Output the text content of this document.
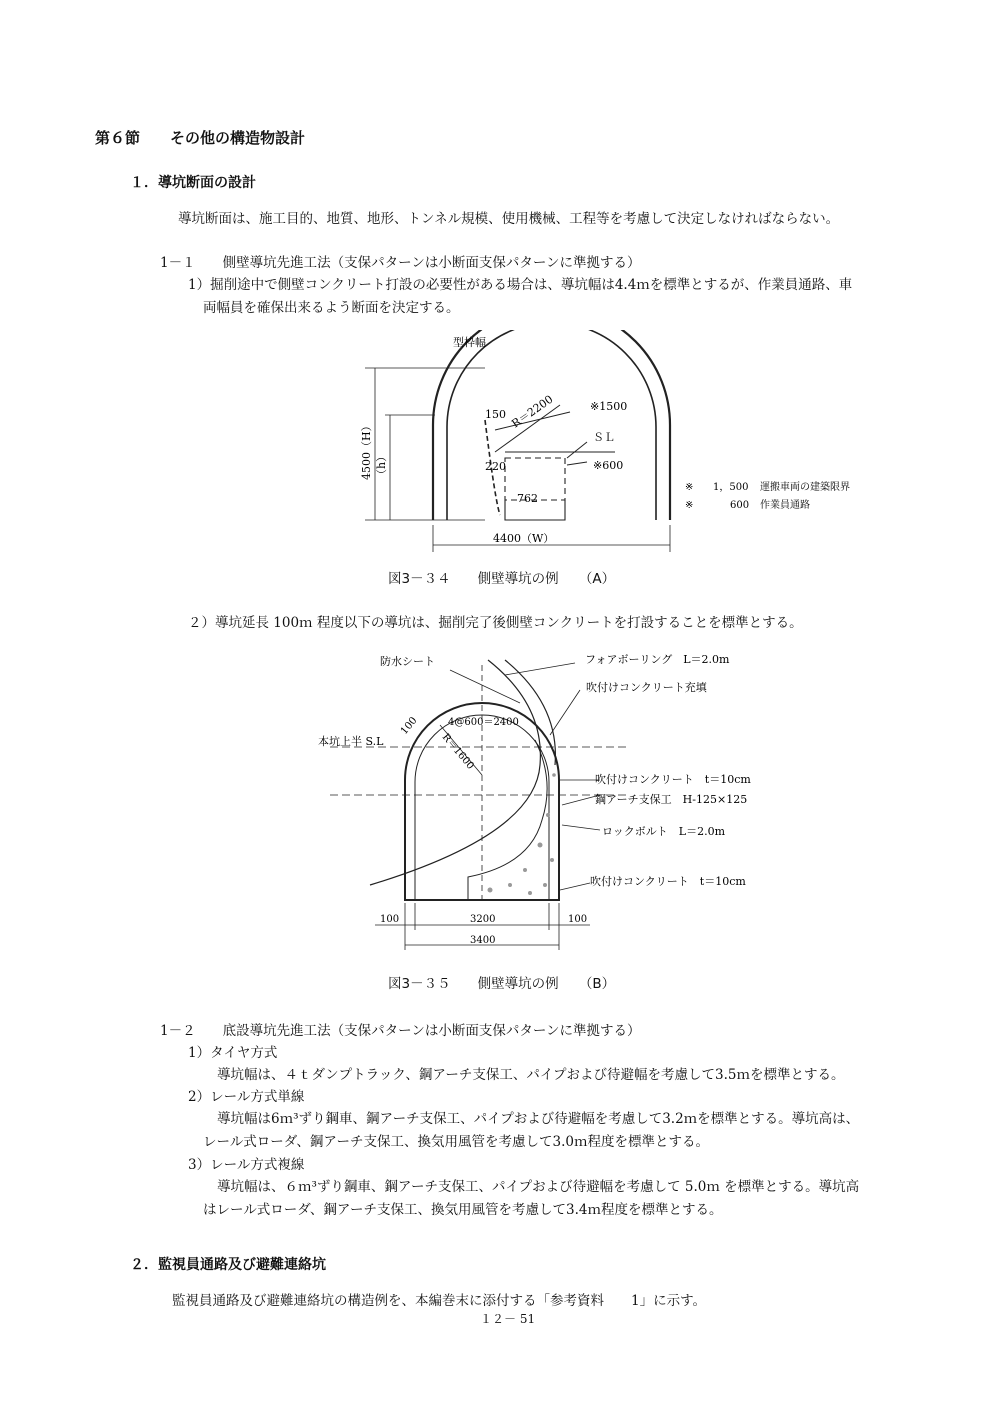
第６節　　その他の構造物設計
１．導坑断面の設計
導坑断面は、施工目的、地質、地形、トンネル規模、使用機械、工程等を考慮して決定しなければならない。
1－１　　側壁導坑先進工法（支保パターンは小断面支保パターンに準拠する）
1）掘削途中で側壁コンクリート打設の必要性がある場合は、導坑幅は4.4ｍを標準とするが、作業員通路、車
両幅員を確保出来るよう断面を決定する。
型枠幅
150 R＝2200	※1500
ＳＬ
220	※600
762
4500（H） （h）
4400（W）
※ 1，500 運搬車両の建築限界
※	600 作業員通路
図3－３４　　側壁導坑の例　　（A）
２）導坑延長 100ｍ 程度以下の導坑は、掘削完了後側壁コンクリートを打設することを標準とする。
防水シート	フォアボーリング　L＝2.0m
吹付けコンクリート充填
4@600＝2400
100
R＝1600
本坑上半 S.L
吹付けコンクリート　t＝10cm
鋼アーチ支保工　H-125×125
ロックボルト　L＝2.0m
吹付けコンクリート　t＝10cm
100	3200	100
3400
図3－３５　　側壁導坑の例　　（B）
1－２　　底設導坑先進工法（支保パターンは小断面支保パターンに準拠する）
1）タイヤ方式
導坑幅は、４ｔダンプトラック、鋼アーチ支保工、パイプおよび待避幅を考慮して3.5ｍを標準とする。
2）レール方式単線
導坑幅は6ｍ³ずり鋼車、鋼アーチ支保工、パイプおよび待避幅を考慮して3.2ｍを標準とする。導坑高は、
レール式ローダ、鋼アーチ支保工、換気用風管を考慮して3.0ｍ程度を標準とする。
3）レール方式複線
導坑幅は、６ｍ³ずり鋼車、鋼アーチ支保工、パイプおよび待避幅を考慮して 5.0ｍ を標準とする。導坑高
はレール式ローダ、鋼アーチ支保工、換気用風管を考慮して3.4ｍ程度を標準とする。
２．監視員通路及び避難連絡坑
監視員通路及び避難連絡坑の構造例を、本編巻末に添付する「参考資料　　1」に示す。
１２－ 51
